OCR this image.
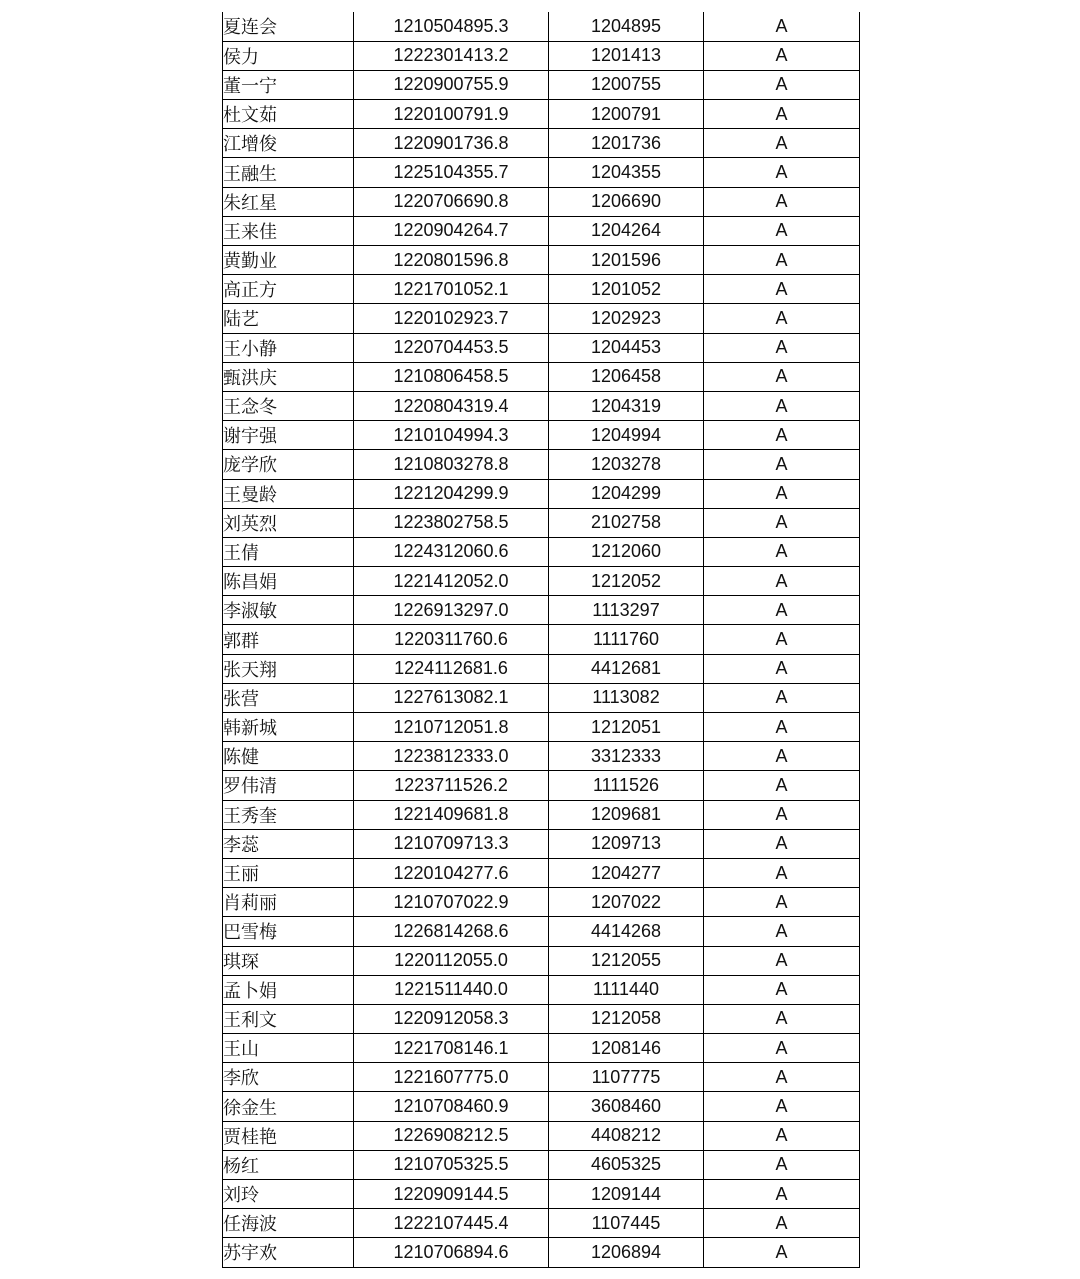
夏连会	1210504895.3	1204895	A
侯力	1222301413.2	1201413	A
董一宁	1220900755.9	1200755	A
杜文茹	1220100791.9	1200791	A
江增俊	1220901736.8	1201736	A
王融生	1225104355.7	1204355	A
朱红星	1220706690.8	1206690	A
王来佳	1220904264.7	1204264	A
黄勤业	1220801596.8	1201596	A
高正方	1221701052.1	1201052	A
陆艺	1220102923.7	1202923	A
王小静	1220704453.5	1204453	A
甄洪庆	1210806458.5	1206458	A
王念冬	1220804319.4	1204319	A
谢宇强	1210104994.3	1204994	A
庞学欣	1210803278.8	1203278	A
王曼龄	1221204299.9	1204299	A
刘英烈	1223802758.5	2102758	A
王倩	1224312060.6	1212060	A
陈昌娟	1221412052.0	1212052	A
李淑敏	1226913297.0	1113297	A
郭群	1220311760.6	1111760	A
张天翔	1224112681.6	4412681	A
张营	1227613082.1	1113082	A
韩新城	1210712051.8	1212051	A
陈健	1223812333.0	3312333	A
罗伟清	1223711526.2	1111526	A
王秀奎	1221409681.8	1209681	A
李蕊	1210709713.3	1209713	A
王丽	1220104277.6	1204277	A
肖莉丽	1210707022.9	1207022	A
巴雪梅	1226814268.6	4414268	A
琪琛	1220112055.0	1212055	A
孟卜娟	1221511440.0	1111440	A
王利文	1220912058.3	1212058	A
王山	1221708146.1	1208146	A
李欣	1221607775.0	1107775	A
徐金生	1210708460.9	3608460	A
贾桂艳	1226908212.5	4408212	A
杨红	1210705325.5	4605325	A
刘玲	1220909144.5	1209144	A
任海波	1222107445.4	1107445	A
苏宇欢	1210706894.6	1206894	A
